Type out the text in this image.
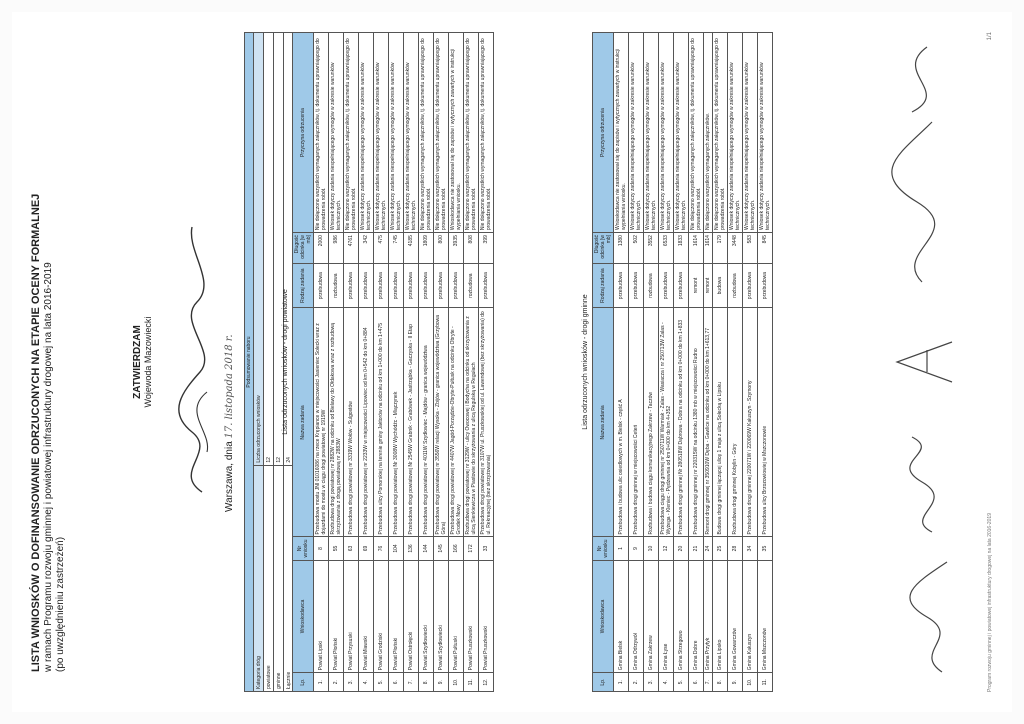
LISTA WNIOSKÓW O DOFINANSOWANIE ODRZUCONYCH NA ETAPIE OCENY FORMALNEJ w ramach Programu rozwoju gminnej i powiatowej infrastruktury drogowej na lata 2016-2019 (po uwzględnieniu zastrzeżeń)
ZATWIERDZAM Wojewoda Mazowiecki
Warszawa, dnia 17. listopada 2018 r. Podsumowanie naboru	
Kategoria dróg	Liczba odrzuconych wniosków
powiatowe	12
gminne	12
Łącznie	24
Lista odrzuconych wniosków - drogi powiatowe
Lp.	Wnioskodawca	Nr wniosku	Nazwa zadania	Rodzaj zadania	Długość odcinka [w mb]	Przyczyna odrzucenia
1.	Powiat Lipski	8	Przebudowa mostu JNI 01016086 na rzece Krępiance w miejscowości Jasieniec Solecki wraz z dojazdami do mostu w ciągu drogi powiatowej nr 1919W	przebudowa	2000	Nie dołączono wszystkich wymaganych załączników, tj. dokumentu uprawniającego do prowadzenia robót.
2.	Powiat Płoński	55	Rozbudowa drogi powiatowej nr 2882W na odcinku od Bielawy do Ołdakowa wraz z rozbudową skrzyżowania z drogą powiatową nr 2883W	rozbudowa	986	Wniosek dotyczy zadania niespełniającego wymogów w zakresie warunków technicznych.
3.	Powiat Przysuski	63	Przebudowa drogi powiatowej nr 3319W Wołów - Sulgostów	przebudowa	4761	Nie dołączono wszystkich wymaganych załączników, tj. dokumentu uprawniającego do prowadzenia robót.
4.	Powiat Mławski	69	Przebudowa drogi powiatowej nr 2233W w miejscowości Lipowiec od km 0+542 do km 0+884	przebudowa	342	Wniosek dotyczy zadania niespełniającego wymogów w zakresie warunków technicznych.
5.	Powiat Grodziski	76	Przebudowa ulicy Pomorskiej na terenie gminy Jaktorów na odcinku od km 1+000 do km 1+475	przebudowa	475	Wniosek dotyczy zadania niespełniającego wymogów w zakresie warunków technicznych.
6.	Powiat Płoński	104	Przebudowa drogi powiatowej Nr 3008W Wychódźc - Miączynek	przebudowa	745	Wniosek dotyczy zadania niespełniającego wymogów w zakresie warunków technicznych.
7.	Powiat Ostrołęcki	136	Przebudowa drogi powiatowej Nr 2545W Grabnik - Grabówek - Jastrząbka - Gaczyska - II Etap	przebudowa	4185	Wniosek dotyczy zadania niespełniającego wymogów w zakresie warunków technicznych.
8.	Powiat Szydłowiecki	144	Przebudowa drogi powiatowej nr 4011W Szydłowiec - Majdów - granica województwa	przebudowa	1809	Nie dołączono wszystkich wymaganych załączników, tj. dokumentu uprawniającego do prowadzenia robót.
9.	Powiat Szydłowiecki	145	Przebudowa drogi powiatowej nr 3556W relacji Wysoka - Zbijów - granica województwa (Grzybowa Góra)	przebudowa	800	Nie dołączono wszystkich wymaganych załączników, tj. dokumentu uprawniającego do prowadzenia robót.
10.	Powiat Pułtuski	166	Przebudowa drogi powiatowej nr 4407W Jagód-Porządzie-Obryte-Pułtusk na odcinku Obryte - Grodek Nowy	przebudowa	3935	Wnioskodawca nie zastosował się do zapisów i wytycznych zawartych w instrukcji wypełniania wniosku.
11.	Powiat Pruszkowski	172	Rozbudowa drogi powiatowej nr 3129W - ulicy Owocowej i Bodycha na odcinku od skrzyżowania z ulicą Sienkiewicza w Piastowie do skrzyżowania z ulicą Regulską w Regułach	rozbudowa	808	Nie dołączono wszystkich wymaganych załączników, tj. dokumentu uprawniającego do prowadzenia robót.
12.	Powiat Pruszkowski	33	Przebudowa drogi powiatowej nr 3107W ul. Pruszkowskiej od ul. Lawendowej (bez skrzyżowania) do ul. Rekreacyjnej (bez skrzyżowania)	przebudowa	399	Nie dołączono wszystkich wymaganych załączników, tj. dokumentu uprawniającego do prowadzenia robót.
Lista odrzuconych wniosków - drogi gminne
Lp.	Wnioskodawca	Nr wniosku	Nazwa zadania	Rodzaj zadania	Długość odcinka [w mb]	Przyczyna odrzucenia
1.	Gmina Bielsk	1	Przebudowa i budowa ulic osiedlowych w m. Bielsk - część A	przebudowa	1380	Wnioskodawca nie zastosował się do zapisów i wytycznych zawartych w instrukcji wypełniania wniosku.
2.	Gmina Odrzywół	9	Przebudowa drogi gminnej w miejscowości Ceteń	przebudowa	502	Wniosek dotyczy zadania niespełniającego wymogów w zakresie warunków technicznych.
3.	Gmina Zakrzew	10	Rozbudowa i budowa ciągu komunikacyjnego Zakrzew - Taczów	rozbudowa	3552	Wniosek dotyczy zadania niespełniającego wymogów w zakresie warunków technicznych.
4.	Gmina Łyse	12	Przebudowa ciągu drogi gminnej nr 250711W Warmiak - Zalas - Wasiacza i nr 250713W Zalas - Wyżega - Kleniec - Pędzewnia od km 0+000 do km 4+352	przebudowa	6533	Wniosek dotyczy zadania niespełniającego wymogów w zakresie warunków technicznych.
5.	Gmina Strzegowo	20	Przebudowa drogi gminnej Nr 280518W Dąbrowa - Dobra na odcinku od km 0+000 do km 1+833	przebudowa	1833	Wniosek dotyczy zadania niespełniającego wymogów w zakresie warunków technicznych.
6.	Gmina Dobre	21	Przebudowa drogi gminnej nr 220315W na odcinku 1380 mb w miejscowości Rudno	remont	1614	Nie dołączono wszystkich wymaganych załączników, tj. dokumentu uprawniającego do prowadzenia robót.
7.	Gmina Przytyk	24	Remont drogi gminnej nr 350910W Dęba - Gawlice na odcinku od km 0+000 do km 1+613,77	remont	1614	Nie dołączono wszystkich wymaganych załączników.
8.	Gmina Lipsko	25	Budowa drogi gminnej łączącej ulicę 1 maja z ulicą Solecką w Lipsku	budowa	179	Nie dołączono wszystkich wymaganych załączników, tj. dokumentu uprawniającego do prowadzenia robót.
9.	Gmina Gowarczów	28	Rozbudowa drogi gminnej Kobylin - Góry	rozbudowa	3448	Wniosek dotyczy zadania niespełniającego wymogów w zakresie warunków technicznych.
10.	Gmina Kałuszyn	34	Przebudowa drogi gminnej 220071W i 220069W Kałuszyn - Szymony	przebudowa	583	Wniosek dotyczy zadania niespełniającego wymogów w zakresie warunków technicznych.
11.	Gmina Mszczonów	35	Przebudowa ulicy Brzozowiowiej w Mszczonowie	przebudowa	845	Wniosek dotyczy zadania niespełniającego wymogów w zakresie warunków technicznych.
Program rozwoju gminnej i powiatowej infrastruktury drogowej na lata 2016-2019
1/1
